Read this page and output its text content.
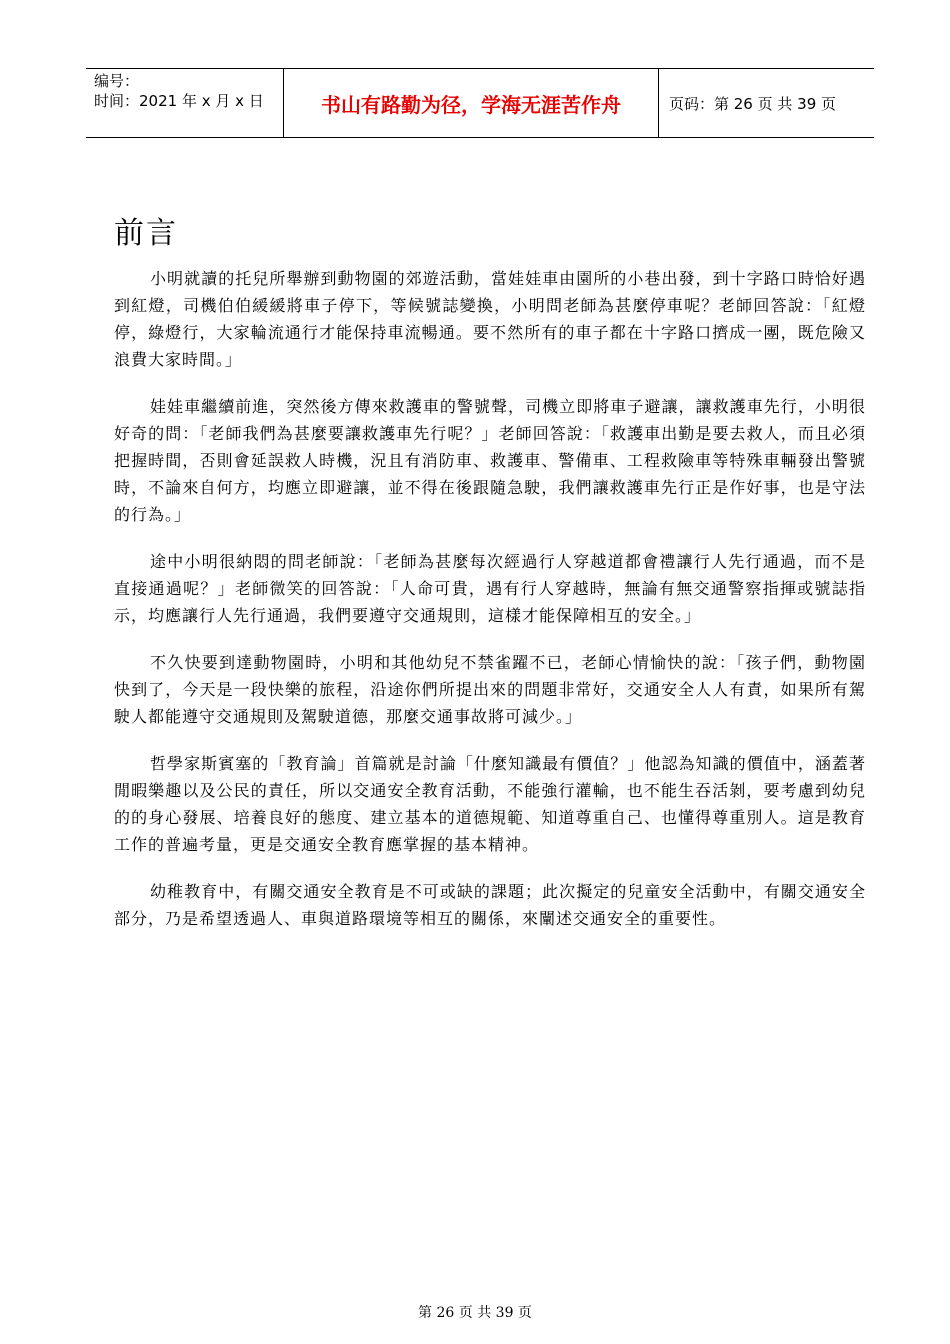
编号：
时间：2021 年 x 月 x 日	书山有路勤为径，学海无涯苦作舟	页码：第 26 页 共 39 页
前言

小明就讀的托兒所舉辦到動物園的郊遊活動，當娃娃車由園所的小巷出發，到十字路口時恰好遇到紅燈，司機伯伯緩緩將車子停下，等候號誌變換，小明問老師為甚麼停車呢？老師回答說：「紅燈停，綠燈行，大家輪流通行才能保持車流暢通。要不然所有的車子都在十字路口擠成一團，既危險又浪費大家時間。」

娃娃車繼續前進，突然後方傳來救護車的警號聲，司機立即將車子避讓，讓救護車先行，小明很好奇的問：「老師我們為甚麼要讓救護車先行呢？」老師回答說：「救護車出勤是要去救人，而且必須把握時間，否則會延誤救人時機，況且有消防車、救護車、警備車、工程救險車等特殊車輛發出警號時，不論來自何方，均應立即避讓，並不得在後跟隨急駛，我們讓救護車先行正是作好事，也是守法的行為。」

途中小明很納悶的問老師說：「老師為甚麼每次經過行人穿越道都會禮讓行人先行通過，而不是直接通過呢？」老師微笑的回答說：「人命可貴，遇有行人穿越時，無論有無交通警察指揮或號誌指示，均應讓行人先行通過，我們要遵守交通規則，這樣才能保障相互的安全。」

不久快要到達動物園時，小明和其他幼兒不禁雀躍不已，老師心情愉快的說：「孩子們，動物園快到了，今天是一段快樂的旅程，沿途你們所提出來的問題非常好，交通安全人人有責，如果所有駕駛人都能遵守交通規則及駕駛道德，那麼交通事故將可減少。」

哲學家斯賓塞的「教育論」首篇就是討論「什麼知識最有價值？」他認為知識的價值中，涵蓋著閒暇樂趣以及公民的責任，所以交通安全教育活動，不能強行灌輸，也不能生吞活剝，要考慮到幼兒的的身心發展、培養良好的態度、建立基本的道德規範、知道尊重自己、也懂得尊重別人。這是教育工作的普遍考量，更是交通安全教育應掌握的基本精神。

幼稚教育中，有關交通安全教育是不可或缺的課題；此次擬定的兒童安全活動中，有關交通安全部分，乃是希望透過人、車與道路環境等相互的關係，來闡述交通安全的重要性。

第 26 页 共 39 页
